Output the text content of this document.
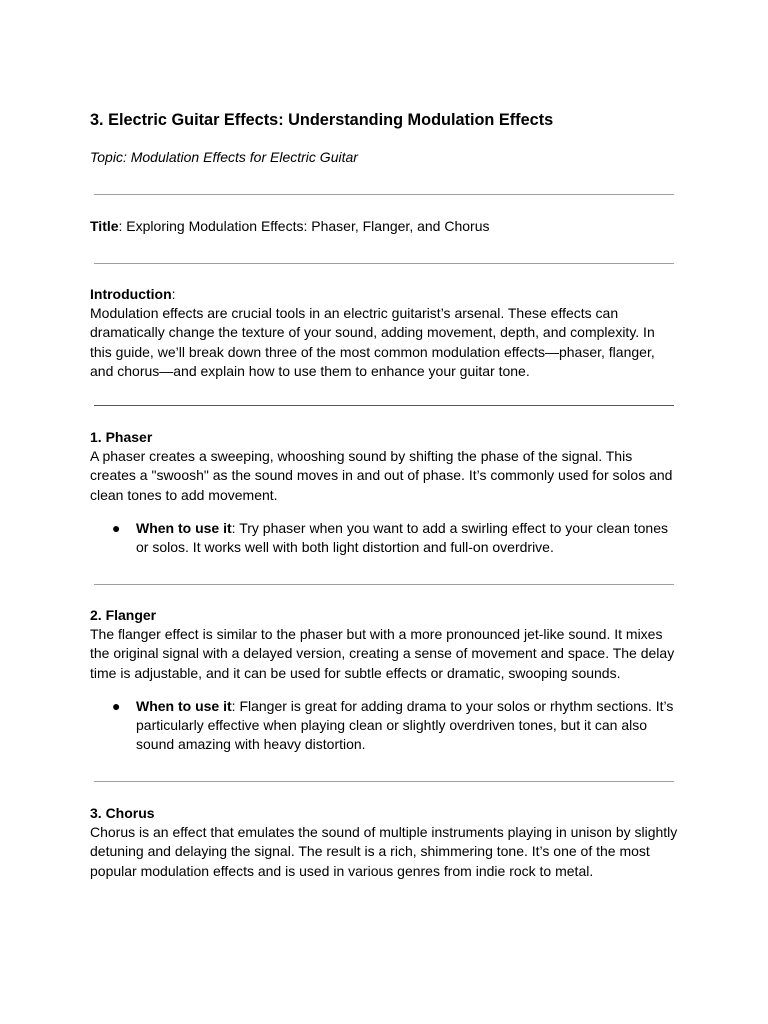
3. Electric Guitar Effects: Understanding Modulation Effects

Topic: Modulation Effects for Electric Guitar

Title: Exploring Modulation Effects: Phaser, Flanger, and Chorus

Introduction:
Modulation effects are crucial tools in an electric guitarist’s arsenal. These effects can dramatically change the texture of your sound, adding movement, depth, and complexity. In this guide, we’ll break down three of the most common modulation effects—phaser, flanger, and chorus—and explain how to use them to enhance your guitar tone.

1. Phaser
A phaser creates a sweeping, whooshing sound by shifting the phase of the signal. This creates a "swoosh" as the sound moves in and out of phase. It’s commonly used for solos and clean tones to add movement.

● When to use it: Try phaser when you want to add a swirling effect to your clean tones or solos. It works well with both light distortion and full-on overdrive.

2. Flanger
The flanger effect is similar to the phaser but with a more pronounced jet-like sound. It mixes the original signal with a delayed version, creating a sense of movement and space. The delay time is adjustable, and it can be used for subtle effects or dramatic, swooping sounds.

● When to use it: Flanger is great for adding drama to your solos or rhythm sections. It’s particularly effective when playing clean or slightly overdriven tones, but it can also sound amazing with heavy distortion.

3. Chorus
Chorus is an effect that emulates the sound of multiple instruments playing in unison by slightly detuning and delaying the signal. The result is a rich, shimmering tone. It’s one of the most popular modulation effects and is used in various genres from indie rock to metal.
